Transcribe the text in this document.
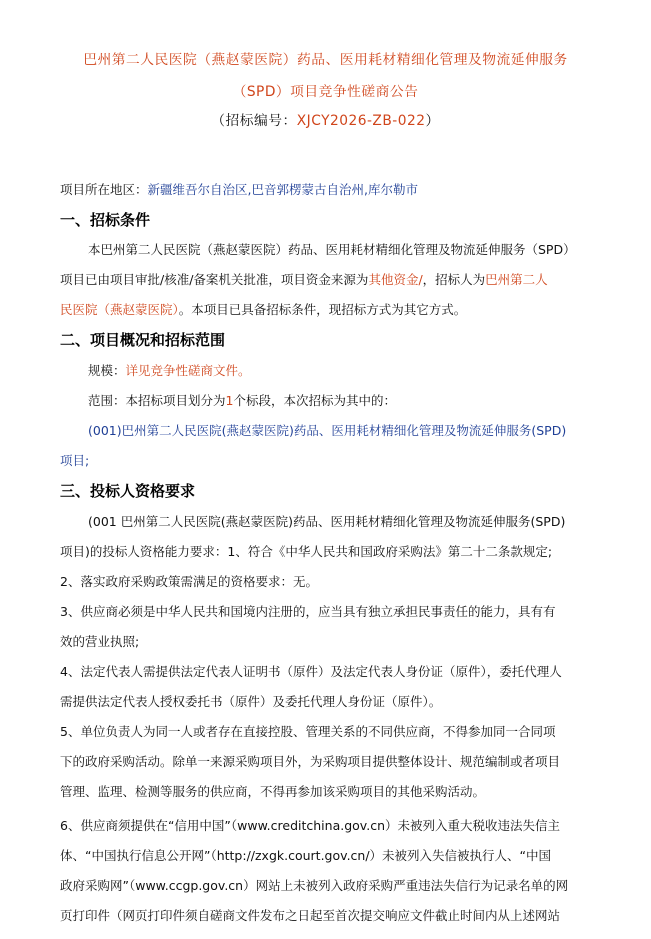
巴州第二人民医院（燕赵蒙医院）药品、医用耗材精细化管理及物流延伸服务
（SPD）项目竞争性磋商公告
（招标编号：XJCY2026-ZB-022）
项目所在地区：新疆维吾尔自治区,巴音郭楞蒙古自治州,库尔勒市
一、招标条件
本巴州第二人民医院（燕赵蒙医院）药品、医用耗材精细化管理及物流延伸服务（SPD）
项目已由项目审批/核准/备案机关批准，项目资金来源为其他资金/，招标人为巴州第二人
民医院（燕赵蒙医院）。本项目已具备招标条件，现招标方式为其它方式。
二、项目概况和招标范围
规模：详见竞争性磋商文件。
范围：本招标项目划分为1个标段，本次招标为其中的：
(001)巴州第二人民医院(燕赵蒙医院)药品、医用耗材精细化管理及物流延伸服务(SPD)
项目;
三、投标人资格要求
(001 巴州第二人民医院(燕赵蒙医院)药品、医用耗材精细化管理及物流延伸服务(SPD)
项目)的投标人资格能力要求：1、符合《中华人民共和国政府采购法》第二十二条款规定;
2、落实政府采购政策需满足的资格要求：无。
3、供应商必须是中华人民共和国境内注册的，应当具有独立承担民事责任的能力，具有有
效的营业执照;
4、法定代表人需提供法定代表人证明书（原件）及法定代表人身份证（原件），委托代理人
需提供法定代表人授权委托书（原件）及委托代理人身份证（原件）。
5、单位负责人为同一人或者存在直接控股、管理关系的不同供应商，不得参加同一合同项
下的政府采购活动。除单一来源采购项目外，为采购项目提供整体设计、规范编制或者项目
管理、监理、检测等服务的供应商，不得再参加该采购项目的其他采购活动。
6、供应商须提供在“信用中国”（www.creditchina.gov.cn）未被列入重大税收违法失信主
体、“中国执行信息公开网”（http://zxgk.court.gov.cn/）未被列入失信被执行人、“中国
政府采购网”（www.ccgp.gov.cn）网站上未被列入政府采购严重违法失信行为记录名单的网
页打印件（网页打印件须自磋商文件发布之日起至首次提交响应文件截止时间内从上述网站
